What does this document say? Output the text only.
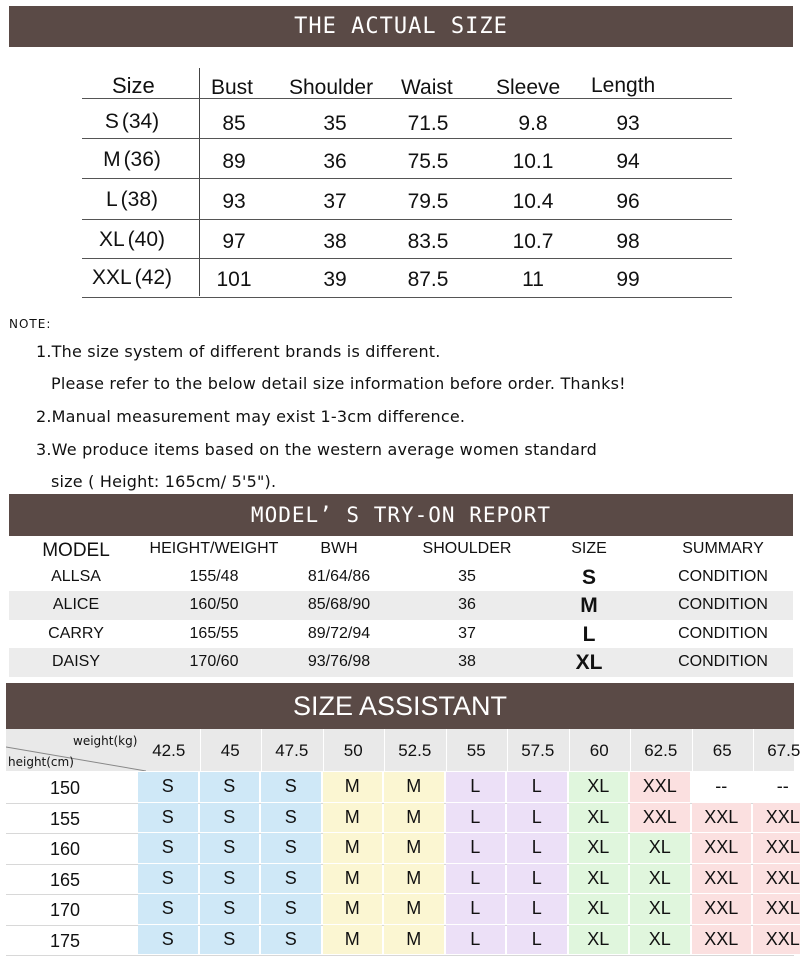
THE ACTUAL SIZE
Size	Bust Shoulder Waist Sleeve Length
S (34)	85	35	71.5	9.8	93
M (36)	89	36	75.5	10.1	94
L (38)	93	37	79.5	10.4	96
XL (40)	97	38	83.5	10.7	98
XXL (42)	101	39	87.5	11	99
NOTE:
1.The size system of different brands is different.
Please refer to the below detail size information before order. Thanks!
2.Manual measurement may exist 1-3cm difference.
3.We produce items based on the western average women standard
size ( Height: 165cm/ 5'5").
MODEL’ S TRY-ON REPORT
MODEL HEIGHT/WEIGHT	BWH	SHOULDER	SIZE	SUMMARY
ALLSA	155/48	81/64/86	35	S	CONDITION
ALICE	160/50	85/68/90	36	M	CONDITION
CARRY	165/55	89/72/94	37	L	CONDITION
DAISY	170/60	93/76/98	38	XL	CONDITION
SIZE ASSISTANT
weight(kg)
height(cm)
42.5	45	47.5	50	52.5	55	57.5	60	62.5	65	67.5
150	S	S	S	M	M	L	L	XL	XXL	--	--
155	S	S	S	M	M	L	L	XL	XXL	XXL	XXL
160	S	S	S	M	M	L	L	XL	XL	XXL	XXL
165	S	S	S	M	M	L	L	XL	XL	XXL	XXL
170	S	S	S	M	M	L	L	XL	XL	XXL	XXL
175	S	S	S	M	M	L	L	XL	XL	XXL	XXL
